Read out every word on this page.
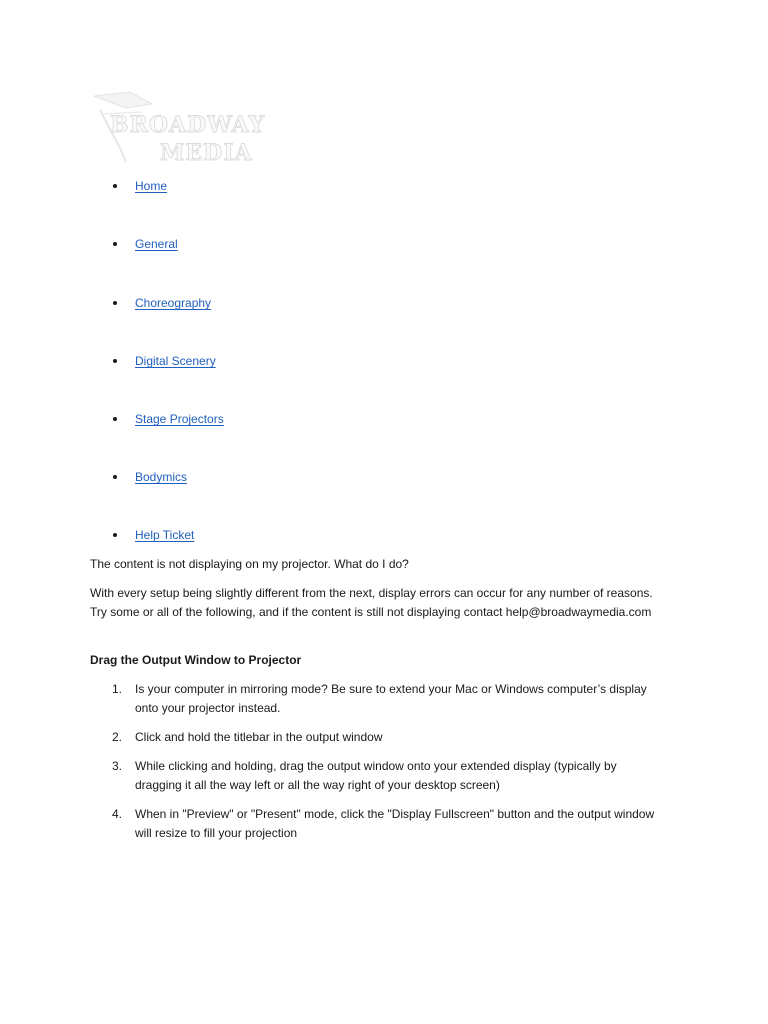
BROADWAY
MEDIA
Home
General
Choreography
Digital Scenery
Stage Projectors
Bodymics
Help Ticket

The content is not displaying on my projector. What do I do?

With every setup being slightly different from the next, display errors can occur for any number of reasons. Try some or all of the following, and if the content is still not displaying contact help@broadwaymedia.com

Drag the Output Window to Projector

1. Is your computer in mirroring mode? Be sure to extend your Mac or Windows computer’s display onto your projector instead.
2. Click and hold the titlebar in the output window
3. While clicking and holding, drag the output window onto your extended display (typically by dragging it all the way left or all the way right of your desktop screen)
4. When in "Preview" or "Present" mode, click the "Display Fullscreen" button and the output window will resize to fill your projection
